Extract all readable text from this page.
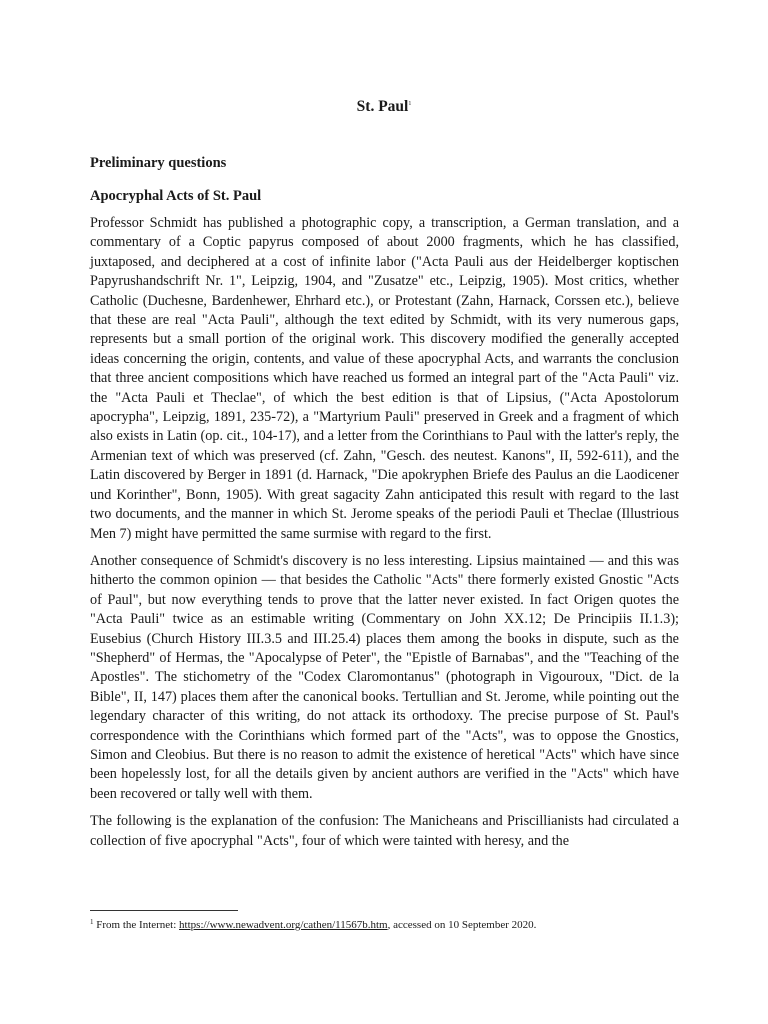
St. Paul$^1$
Preliminary questions
Apocryphal Acts of St. Paul

Professor Schmidt has published a photographic copy, a transcription, a German translation, and a commentary of a Coptic papyrus composed of about 2000 fragments, which he has classified, juxtaposed, and deciphered at a cost of infinite labor ("Acta Pauli aus der Heidelberger koptischen Papyrushandschrift Nr. 1", Leipzig, 1904, and "Zusatze" etc., Leipzig, 1905). Most critics, whether Catholic (Duchesne, Bardenhewer, Ehrhard etc.), or Protestant (Zahn, Harnack, Corssen etc.), believe that these are real "Acta Pauli", although the text edited by Schmidt, with its very numerous gaps, represents but a small portion of the original work. This discovery modified the generally accepted ideas concerning the origin, contents, and value of these apocryphal Acts, and warrants the conclusion that three ancient compositions which have reached us formed an integral part of the "Acta Pauli" viz. the "Acta Pauli et Theclae", of which the best edition is that of Lipsius, ("Acta Apostolorum apocrypha", Leipzig, 1891, 235-72), a "Martyrium Pauli" preserved in Greek and a fragment of which also exists in Latin (op. cit., 104-17), and a letter from the Corinthians to Paul with the latter's reply, the Armenian text of which was preserved (cf. Zahn, "Gesch. des neutest. Kanons", II, 592-611), and the Latin discovered by Berger in 1891 (d. Harnack, "Die apokryphen Briefe des Paulus an die Laodicener und Korinther", Bonn, 1905). With great sagacity Zahn anticipated this result with regard to the last two documents, and the manner in which St. Jerome speaks of the periodi Pauli et Theclae (Illustrious Men 7) might have permitted the same surmise with regard to the first.

Another consequence of Schmidt's discovery is no less interesting. Lipsius maintained — and this was hitherto the common opinion — that besides the Catholic "Acts" there formerly existed Gnostic "Acts of Paul", but now everything tends to prove that the latter never existed. In fact Origen quotes the "Acta Pauli" twice as an estimable writing (Commentary on John XX.12; De Principiis II.1.3); Eusebius (Church History III.3.5 and III.25.4) places them among the books in dispute, such as the "Shepherd" of Hermas, the "Apocalypse of Peter", the "Epistle of Barnabas", and the "Teaching of the Apostles". The stichometry of the "Codex Claromontanus" (photograph in Vigouroux, "Dict. de la Bible", II, 147) places them after the canonical books. Tertullian and St. Jerome, while pointing out the legendary character of this writing, do not attack its orthodoxy. The precise purpose of St. Paul's correspondence with the Corinthians which formed part of the "Acts", was to oppose the Gnostics, Simon and Cleobius. But there is no reason to admit the existence of heretical "Acts" which have since been hopelessly lost, for all the details given by ancient authors are verified in the "Acts" which have been recovered or tally well with them.

The following is the explanation of the confusion: The Manicheans and Priscillianists had circulated a collection of five apocryphal "Acts", four of which were tainted with heresy, and the

$^1$ From the Internet: https://www.newadvent.org/cathen/11567b.htm, accessed on 10 September 2020.
